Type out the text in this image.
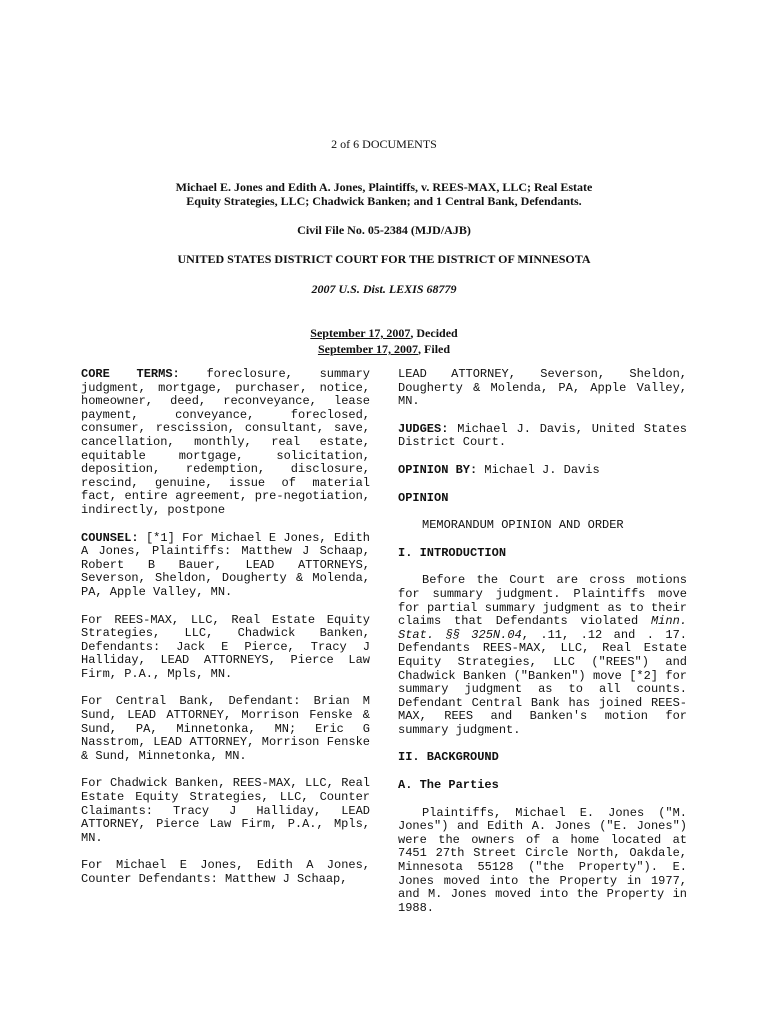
2 of 6 DOCUMENTS
Michael E. Jones and Edith A. Jones, Plaintiffs, v. REES-MAX, LLC; Real Estate
Equity Strategies, LLC; Chadwick Banken; and 1 Central Bank, Defendants.
Civil File No. 05-2384 (MJD/AJB)
UNITED STATES DISTRICT COURT FOR THE DISTRICT OF MINNESOTA
2007 U.S. Dist. LEXIS 68779
September 17, 2007, Decided
September 17, 2007, Filed

CORE TERMS: foreclosure, summary judgment, mortgage, purchaser, notice, homeowner, deed, reconveyance, lease payment, conveyance, foreclosed, consumer, rescission, consultant, save, cancellation, monthly, real estate, equitable mortgage, solicitation, deposition, redemption, disclosure, rescind, genuine, issue of material fact, entire agreement, pre-negotiation, indirectly, postpone

COUNSEL: [*1] For Michael E Jones, Edith A Jones, Plaintiffs: Matthew J Schaap, Robert B Bauer, LEAD ATTORNEYS, Severson, Sheldon, Dougherty & Molenda, PA, Apple Valley, MN.

For REES-MAX, LLC, Real Estate Equity Strategies, LLC, Chadwick Banken, Defendants: Jack E Pierce, Tracy J Halliday, LEAD ATTORNEYS, Pierce Law Firm, P.A., Mpls, MN.

For Central Bank, Defendant: Brian M Sund, LEAD ATTORNEY, Morrison Fenske & Sund, PA, Minnetonka, MN; Eric G Nasstrom, LEAD ATTORNEY, Morrison Fenske & Sund, Minnetonka, MN.

For Chadwick Banken, REES-MAX, LLC, Real Estate Equity Strategies, LLC, Counter Claimants: Tracy J Halliday, LEAD ATTORNEY, Pierce Law Firm, P.A., Mpls, MN.

For Michael E Jones, Edith A Jones, Counter Defendants: Matthew J Schaap,

LEAD ATTORNEY, Severson, Sheldon, Dougherty & Molenda, PA, Apple Valley, MN.

JUDGES: Michael J. Davis, United States District Court.

OPINION BY: Michael J. Davis

OPINION

MEMORANDUM OPINION AND ORDER

I. INTRODUCTION

Before the Court are cross motions for summary judgment. Plaintiffs move for partial summary judgment as to their claims that Defendants violated Minn. Stat. §§ 325N.04, .11, .12 and . 17. Defendants REES-MAX, LLC, Real Estate Equity Strategies, LLC ("REES") and Chadwick Banken ("Banken") move [*2] for summary judgment as to all counts. Defendant Central Bank has joined REES-MAX, REES and Banken's motion for summary judgment.

II. BACKGROUND

A. The Parties

Plaintiffs, Michael E. Jones ("M. Jones") and Edith A. Jones ("E. Jones") were the owners of a home located at 7451 27th Street Circle North, Oakdale, Minnesota 55128 ("the Property"). E. Jones moved into the Property in 1977, and M. Jones moved into the Property in 1988.
